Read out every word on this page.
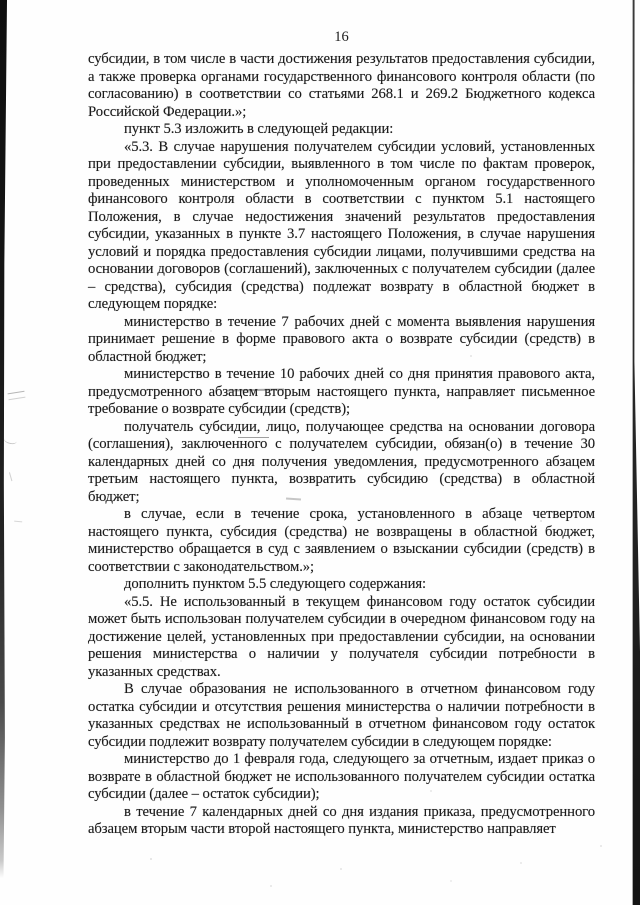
16

субсидии, в том числе в части достижения результатов предоставления субсидии, а также проверка органами государственного финансового контроля области (по согласованию) в соответствии со статьями 268.1 и 269.2 Бюджетного кодекса Российской Федерации.»;

пункт 5.3 изложить в следующей редакции:

«5.3. В случае нарушения получателем субсидии условий, установленных при предоставлении субсидии, выявленного в том числе по фактам проверок, проведенных министерством и уполномоченным органом государственного финансового контроля области в соответствии с пунктом 5.1 настоящего Положения, в случае недостижения значений результатов предоставления субсидии, указанных в пункте 3.7 настоящего Положения, в случае нарушения условий и порядка предоставления субсидии лицами, получившими средства на основании договоров (соглашений), заключенных с получателем субсидии (далее – средства), субсидия (средства) подлежат возврату в областной бюджет в следующем порядке:

министерство в течение 7 рабочих дней с момента выявления нарушения принимает решение в форме правового акта о возврате субсидии (средств) в областной бюджет;

министерство в течение 10 рабочих дней со дня принятия правового акта, предусмотренного абзацем вторым настоящего пункта, направляет письменное требование о возврате субсидии (средств);

получатель субсидии, лицо, получающее средства на основании договора (соглашения), заключенного с получателем субсидии, обязан(о) в течение 30 календарных дней со дня получения уведомления, предусмотренного абзацем третьим настоящего пункта, возвратить субсидию (средства) в областной бюджет;

в случае, если в течение срока, установленного в абзаце четвертом настоящего пункта, субсидия (средства) не возвращены в областной бюджет, министерство обращается в суд с заявлением о взыскании субсидии (средств) в соответствии с законодательством.»;

дополнить пунктом 5.5 следующего содержания:

«5.5. Не использованный в текущем финансовом году остаток субсидии может быть использован получателем субсидии в очередном финансовом году на достижение целей, установленных при предоставлении субсидии, на основании решения министерства о наличии у получателя субсидии потребности в указанных средствах.

В случае образования не использованного в отчетном финансовом году остатка субсидии и отсутствия решения министерства о наличии потребности в указанных средствах не использованный в отчетном финансовом году остаток субсидии подлежит возврату получателем субсидии в следующем порядке:

министерство до 1 февраля года, следующего за отчетным, издает приказ о возврате в областной бюджет не использованного получателем субсидии остатка субсидии (далее – остаток субсидии);

в течение 7 календарных дней со дня издания приказа, предусмотренного абзацем вторым части второй настоящего пункта, министерство направляет
